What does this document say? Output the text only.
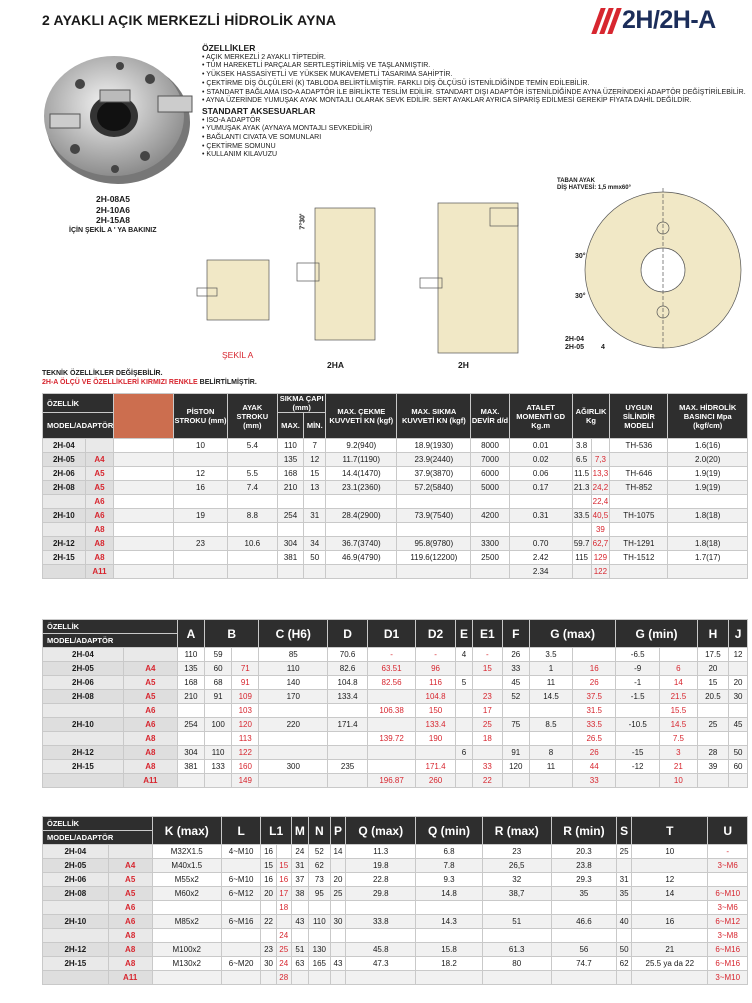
2 AYAKLI AÇIK MERKEZLİ HİDROLİK AYNA	2H/2H-A
2H-08A5
2H-10A6
2H-15A8
İÇİN ŞEKİL A ' YA BAKINIZ
ÖZELLİKLER
• AÇIK MERKEZLİ 2 AYAKLI TİPTEDİR.
• TÜM HAREKETLİ PARÇALAR SERTLEŞTİRİLMİŞ VE TAŞLANMIŞTIR.
• YÜKSEK HASSASİYETLİ VE YÜKSEK MUKAVEMETLİ TASARIMA SAHİPTİR.
• ÇEKTİRME DİŞ ÖLÇÜLERİ (K) TABLODA BELİRTİLMİŞTİR. FARKLI DİŞ ÖLÇÜSÜ İSTENİLDİĞİNDE TEMİN EDİLEBİLİR.
• STANDART BAĞLAMA ISO-A ADAPTÖR İLE BİRLİKTE TESLİM EDİLİR. STANDART DIŞI ADAPTÖR İSTENİLDİĞİNDE AYNA ÜZERİNDEKİ ADAPTÖR DEĞİŞTİRİLEBİLİR.
• AYNA ÜZERİNDE YUMUŞAK AYAK MONTAJLI OLARAK SEVK EDİLİR. SERT AYAKLAR AYRICA SİPARİŞ EDİLMESİ GEREKİP FİYATA DAHİL DEĞİLDİR.
STANDART AKSESUARLAR
• ISO-A ADAPTÖR
• YUMUŞAK AYAK (AYNAYA MONTAJLI SEVKEDİLİR)
• BAĞLANTI CIVATA VE SOMUNLARI
• ÇEKTİRME SOMUNU
• KULLANIM KILAVUZU
ŞEKİL A
2HA	2H
TABAN AYAK
DİŞ HATVESİ: 1,5 mmx60°
7°30'
30°
30°
2H-04
2H-05 4
TEKNİK ÖZELLİKLER DEĞİŞEBİLİR.
2H-A ÖLÇÜ VE ÖZELLİKLERİ KIRMIZI RENKLE BELİRTİLMİŞTİR.
ÖZELLİK			PİSTON STROKU (mm)	AYAK STROKU (mm)	SIKMA ÇAPI (mm)		MAX. ÇEKME KUVVETİ KN (kgf)	MAX. SIKMA KUVVETİ KN (kgf)	MAX. DEVİR d/d	ATALET MOMENTİ GD Kg.m	AĞIRLIK Kg		UYGUN SİLİNDİR MODELİ	MAX. HİDROLİK BASINCI Mpa (kgf/cm)
MODEL/ADAPTÖR					MAX.	MİN.								

2H-04			10	5.4	110	7	9.2(940)	18.9(1930)	8000	0.01	3.8		TH-536	1.6(16)
2H-05	A4				135	12	11.7(1190)	23.9(2440)	7000	0.02	6.5	7,3		2.0(20)
2H-06	A5		12	5.5	168	15	14.4(1470)	37.9(3870)	6000	0.06	11.5	13,3	TH-646	1.9(19)
2H-08	A5		16	7.4	210	13	23.1(2360)	57.2(5840)	5000	0.17	21.3	24,2	TH-852	1.9(19)
	A6											22,4		
2H-10	A6		19	8.8	254	31	28.4(2900)	73.9(7540)	4200	0.31	33.5	40,5	TH-1075	1.8(18)
	A8											39		
2H-12	A8		23	10.6	304	34	36.7(3740)	95.8(9780)	3300	0.70	59.7	62,7	TH-1291	1.8(18)
2H-15	A8				381	50	46.9(4790)	119.6(12200)	2500	2.42	115	129	TH-1512	1.7(17)
	A11									2.34		122		
ÖZELLİK		A	B		C (H6)	D	D1	D2	E	E1	F	G (max)		G (min)		H	J
MODEL/ADAPTÖR																	
2H-04		110	59		85	70.6	-	-	4	-	26	3.5		-6.5		17.5	12
2H-05	A4	135	60	71	110	82.6	63.51	96		15	33	1	16	-9	6	20	
2H-06	A5	168	68	91	140	104.8	82.56	116	5		45	11	26	-1	14	15	20
2H-08	A5	210	91	109	170	133.4		104.8		23	52	14.5	37.5	-1.5	21.5	20.5	30
	A6			103			106.38	150		17			31.5		15.5		
2H-10	A6	254	100	120	220	171.4		133.4		25	75	8.5	33.5	-10.5	14.5	25	45
	A8			113			139.72	190		18			26.5		7.5		
2H-12	A8	304	110	122					6		91	8	26	-15	3	28	50
2H-15	A8	381	133	160	300	235		171.4		33	120	11	44	-12	21	39	60
	A11			149			196.87	260		22			33		10		
ÖZELLİK		K (max)	L	L1		M	N	P	Q (max)	Q (min)	R (max)	R (min)	S	T	U
MODEL/ADAPTÖR															
2H-04		M32X1.5	4~M10	16		24	52	14	11.3	6.8	23	20.3	25	10	-
2H-05	A4	M40x1.5		15	15	31	62		19.8	7.8	26,5	23.8			3~M6
2H-06	A5	M55x2	6~M10	16	16	37	73	20	22.8	9.3	32	29.3	31	12	
2H-08	A5	M60x2	6~M12	20	17	38	95	25	29.8	14.8	38,7	35	35	14	6~M10
	A6				18										3~M6
2H-10	A6	M85x2	6~M16	22		43	110	30	33.8	14.3	51	46.6	40	16	6~M12
	A8				24										3~M8
2H-12	A8	M100x2		23	25	51	130		45.8	15.8	61.3	56	50	21	6~M16
2H-15	A8	M130x2	6~M20	30	24	63	165	43	47.3	18.2	80	74.7	62	25.5 ya da 22	6~M16
	A11				28										3~M10
